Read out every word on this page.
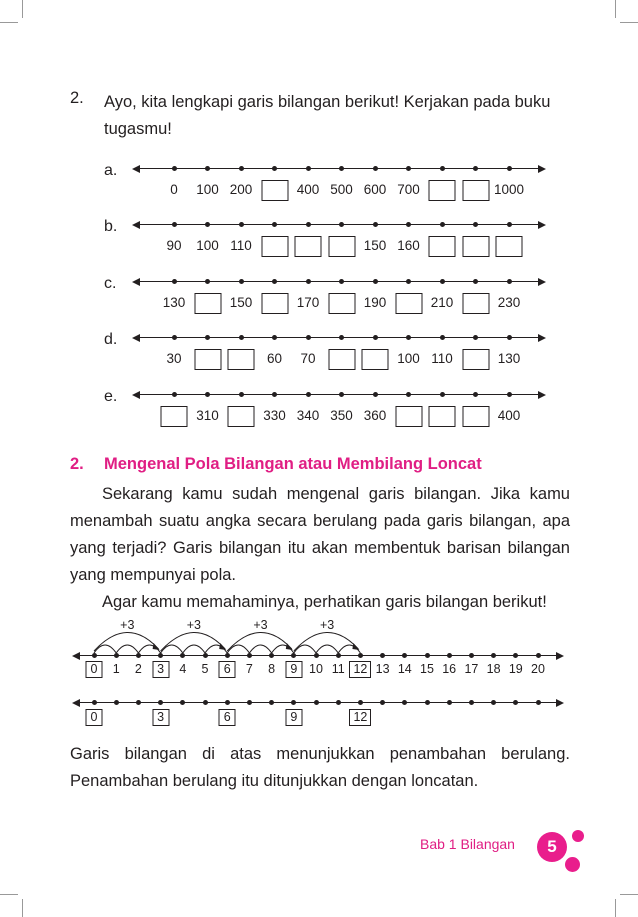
2. Ayo, kita lengkapi garis bilangan berikut! Kerjakan pada buku tugasmu!
a.
0 100 200	400 500 600 700	1000
b.
90 100 110	150 160
c.
130	150	170	190	210	230
d.
30	60 70	100 110	130
e.
310	330 340 350 360	400
2. Mengenal Pola Bilangan atau Membilang Loncat
Sekarang kamu sudah mengenal garis bilangan. Jika kamu menambah suatu angka secara berulang pada garis bilangan, apa yang terjadi? Garis bilangan itu akan membentuk barisan bilangan yang mempunyai pola.
Agar kamu memahaminya, perhatikan garis bilangan berikut!
0	1 2	3	4 5	6	7 8	9 10 11 12 13 14 15 16 17 18 19 20
0	3	6	9	12
+3	+3	+3	+3
Garis bilangan di atas menunjukkan penambahan berulang. Penambahan berulang itu ditunjukkan dengan loncatan.
Bab 1 Bilangan	5
